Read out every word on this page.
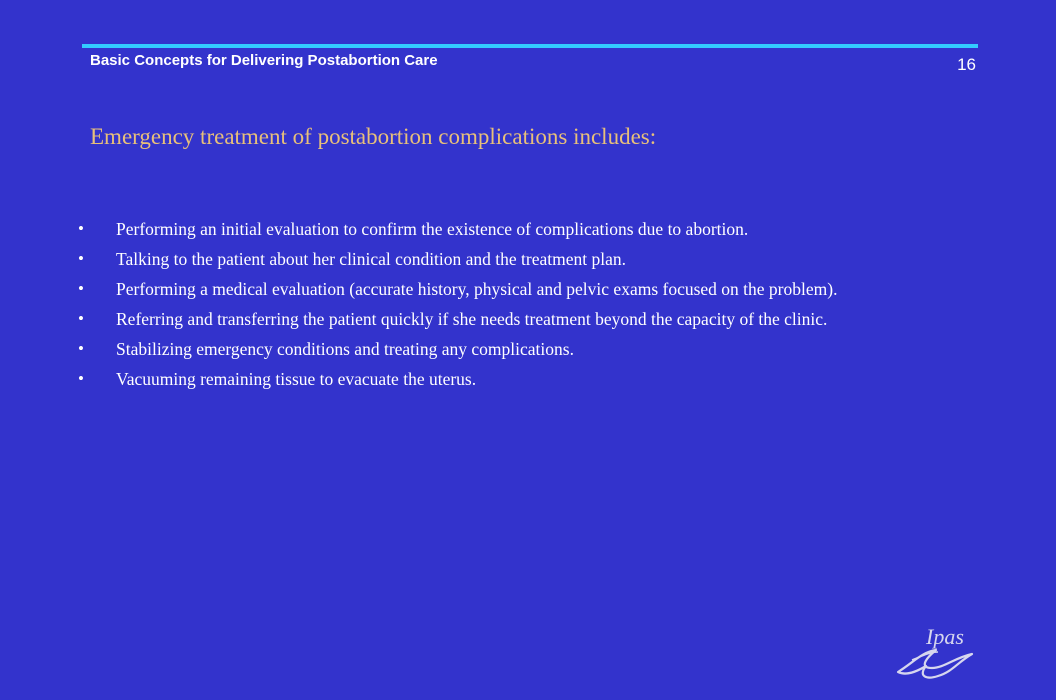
Basic Concepts for Delivering Postabortion Care	16
Emergency treatment of postabortion complications includes:
• Performing an initial evaluation to confirm the existence of complications due to abortion.
• Talking to the patient about her clinical condition and the treatment plan.
• Performing a medical evaluation (accurate history, physical and pelvic exams focused on the problem).
• Referring and transferring the patient quickly if she needs treatment beyond the capacity of the clinic.
• Stabilizing emergency conditions and treating any complications.
• Vacuuming remaining tissue to evacuate the uterus.
Ipas
